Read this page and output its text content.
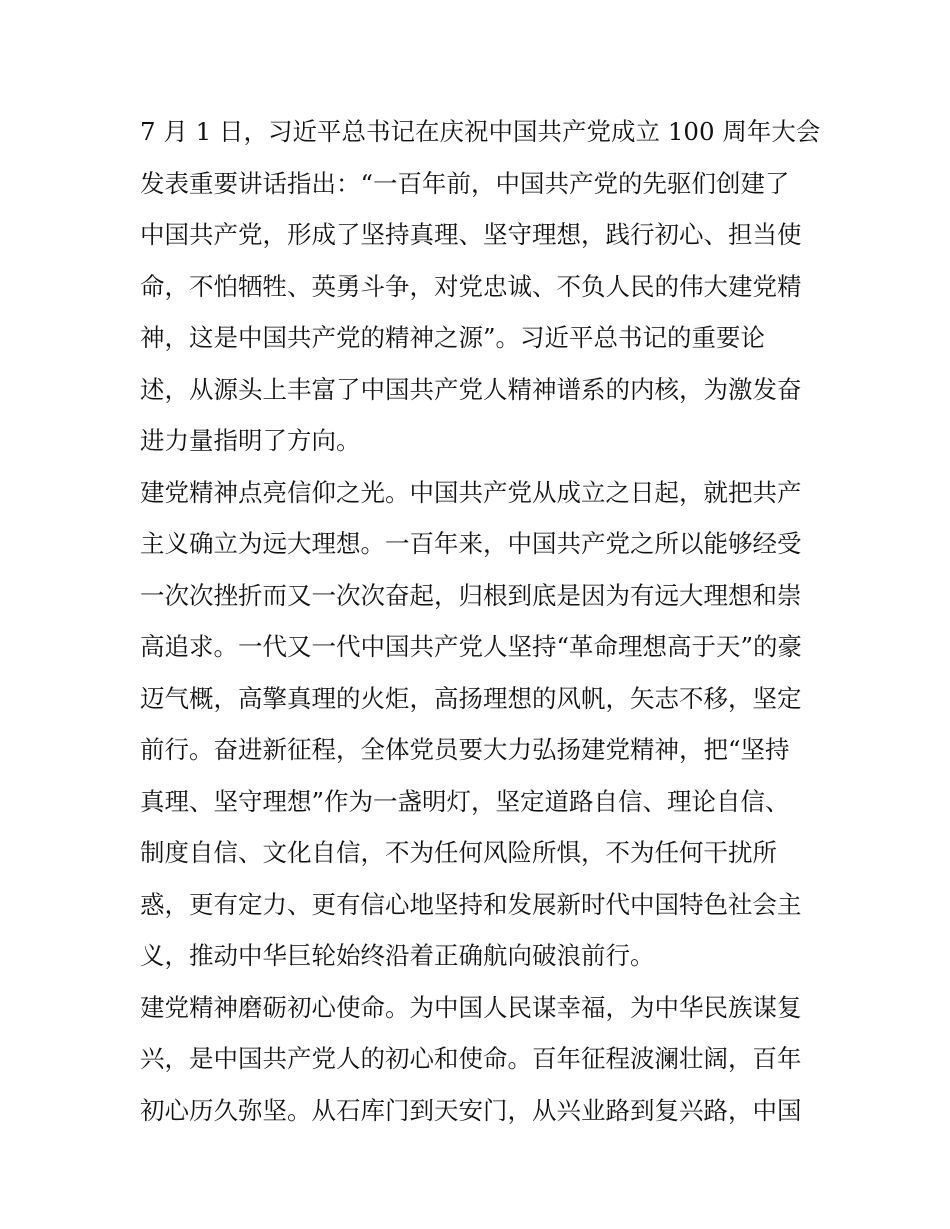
7 月 1 日，习近平总书记在庆祝中国共产党成立 100 周年大会
发表重要讲话指出：“一百年前，中国共产党的先驱们创建了
中国共产党，形成了坚持真理、坚守理想，践行初心、担当使
命，不怕牺牲、英勇斗争，对党忠诚、不负人民的伟大建党精
神，这是中国共产党的精神之源”。习近平总书记的重要论
述，从源头上丰富了中国共产党人精神谱系的内核，为激发奋
进力量指明了方向。
建党精神点亮信仰之光。中国共产党从成立之日起，就把共产
主义确立为远大理想。一百年来，中国共产党之所以能够经受
一次次挫折而又一次次奋起，归根到底是因为有远大理想和崇
高追求。一代又一代中国共产党人坚持“革命理想高于天”的豪
迈气概，高擎真理的火炬，高扬理想的风帆，矢志不移，坚定
前行。奋进新征程，全体党员要大力弘扬建党精神，把“坚持
真理、坚守理想”作为一盏明灯，坚定道路自信、理论自信、
制度自信、文化自信，不为任何风险所惧，不为任何干扰所
惑，更有定力、更有信心地坚持和发展新时代中国特色社会主
义，推动中华巨轮始终沿着正确航向破浪前行。
建党精神磨砺初心使命。为中国人民谋幸福，为中华民族谋复
兴，是中国共产党人的初心和使命。百年征程波澜壮阔，百年
初心历久弥坚。从石库门到天安门，从兴业路到复兴路，中国
